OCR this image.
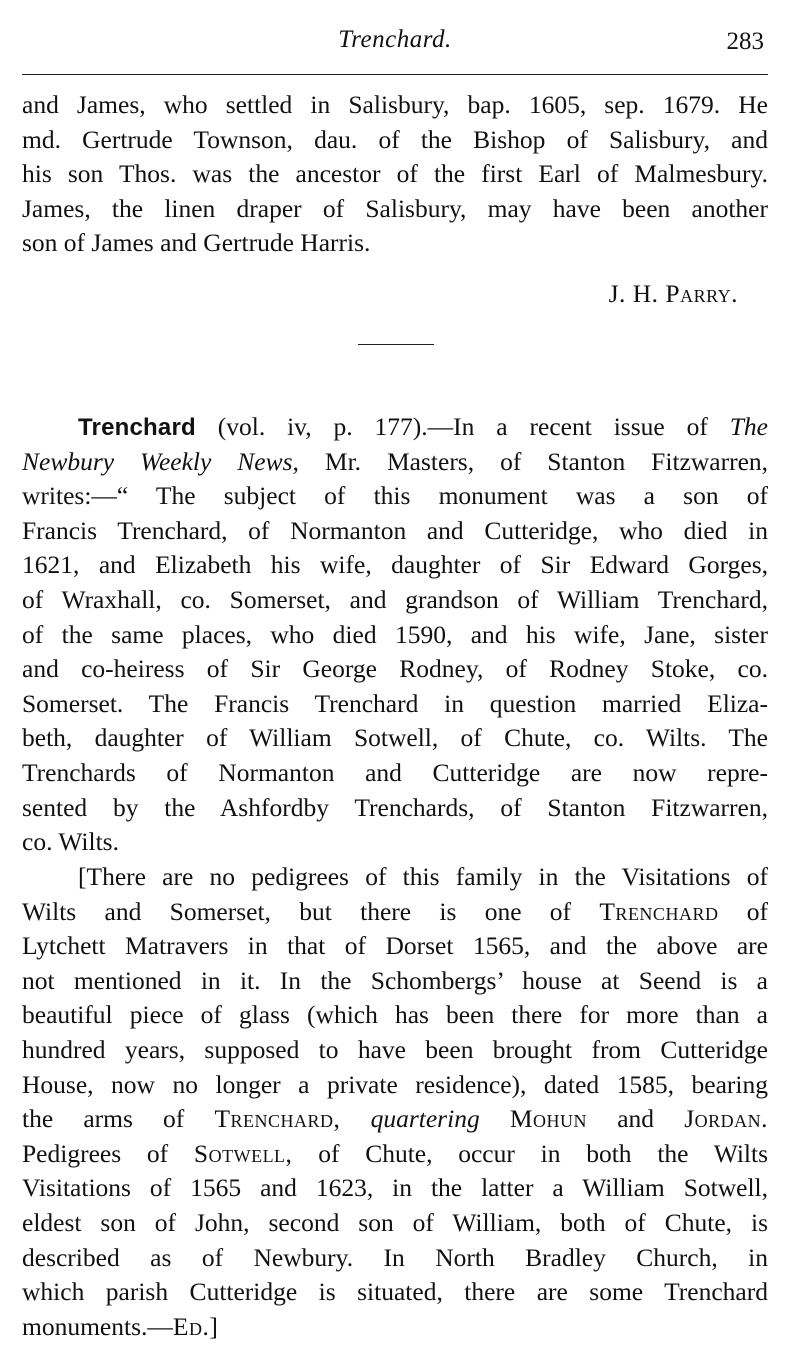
Trenchard.	283
and James, who settled in Salisbury, bap. 1605, sep. 1679. He
md. Gertrude Townson, dau. of the Bishop of Salisbury, and
his son Thos. was the ancestor of the first Earl of Malmesbury.
James, the linen draper of Salisbury, may have been another
son of James and Gertrude Harris.
J. H. Parry.
Trenchard (vol. iv, p. 177).—In a recent issue of The
Newbury Weekly News, Mr. Masters, of Stanton Fitzwarren,
writes:—“ The subject of this monument was a son of
Francis Trenchard, of Normanton and Cutteridge, who died in
1621, and Elizabeth his wife, daughter of Sir Edward Gorges,
of Wraxhall, co. Somerset, and grandson of William Trenchard,
of the same places, who died 1590, and his wife, Jane, sister
and co-heiress of Sir George Rodney, of Rodney Stoke, co.
Somerset. The Francis Trenchard in question married Eliza-
beth, daughter of William Sotwell, of Chute, co. Wilts. The
Trenchards of Normanton and Cutteridge are now repre-
sented by the Ashfordby Trenchards, of Stanton Fitzwarren,
co. Wilts.
[There are no pedigrees of this family in the Visitations of
Wilts and Somerset, but there is one of Trenchard of
Lytchett Matravers in that of Dorset 1565, and the above are
not mentioned in it. In the Schombergs’ house at Seend is a
beautiful piece of glass (which has been there for more than a
hundred years, supposed to have been brought from Cutteridge
House, now no longer a private residence), dated 1585, bearing
the arms of Trenchard, quartering Mohun and Jordan.
Pedigrees of Sotwell, of Chute, occur in both the Wilts
Visitations of 1565 and 1623, in the latter a William Sotwell,
eldest son of John, second son of William, both of Chute, is
described as of Newbury. In North Bradley Church, in
which parish Cutteridge is situated, there are some Trenchard
monuments.—Ed.]
